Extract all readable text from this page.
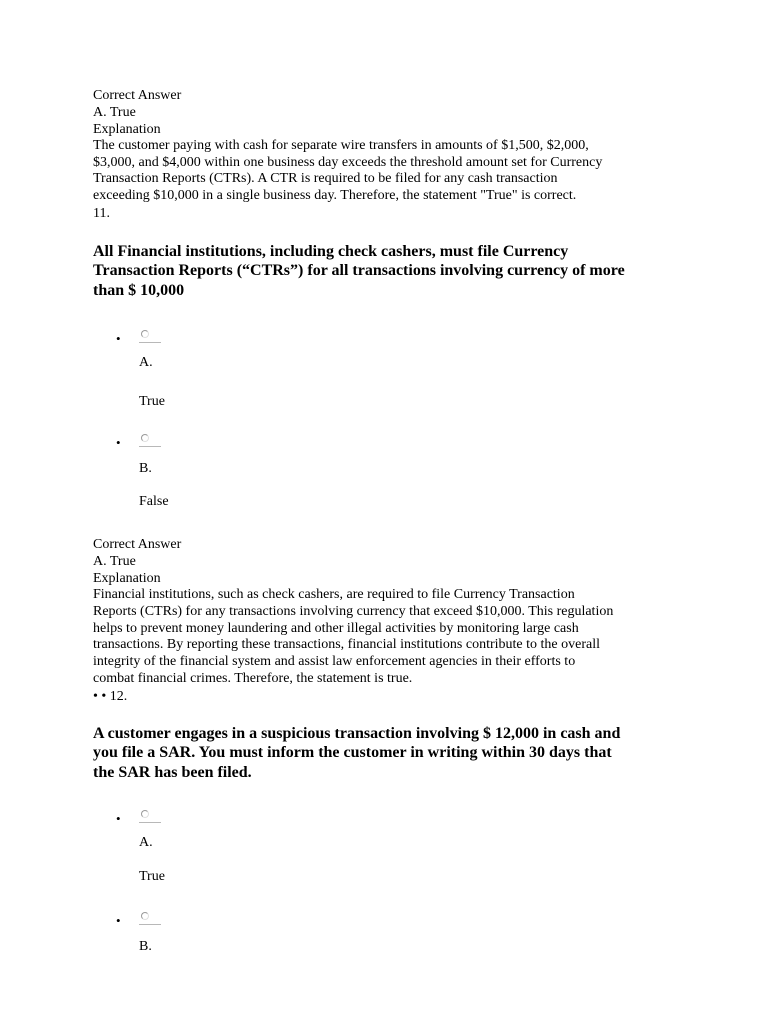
Correct Answer

A. True

Explanation

The customer paying with cash for separate wire transfers in amounts of $1,500, $2,000,

$3,000, and $4,000 within one business day exceeds the threshold amount set for Currency

Transaction Reports (CTRs). A CTR is required to be filed for any cash transaction

exceeding $10,000 in a single business day. Therefore, the statement "True" is correct.

11.

All Financial institutions, including check cashers, must file Currency

Transaction Reports (“CTRs”) for all transactions involving currency of more

than $ 10,000

•
A.
True
•
B.
False

Correct Answer

A. True

Explanation

Financial institutions, such as check cashers, are required to file Currency Transaction

Reports (CTRs) for any transactions involving currency that exceed $10,000. This regulation

helps to prevent money laundering and other illegal activities by monitoring large cash

transactions. By reporting these transactions, financial institutions contribute to the overall

integrity of the financial system and assist law enforcement agencies in their efforts to

combat financial crimes. Therefore, the statement is true.

• • 12.

A customer engages in a suspicious transaction involving $ 12,000 in cash and

you file a SAR. You must inform the customer in writing within 30 days that

the SAR has been filed.

•
A.
True
•
B.
